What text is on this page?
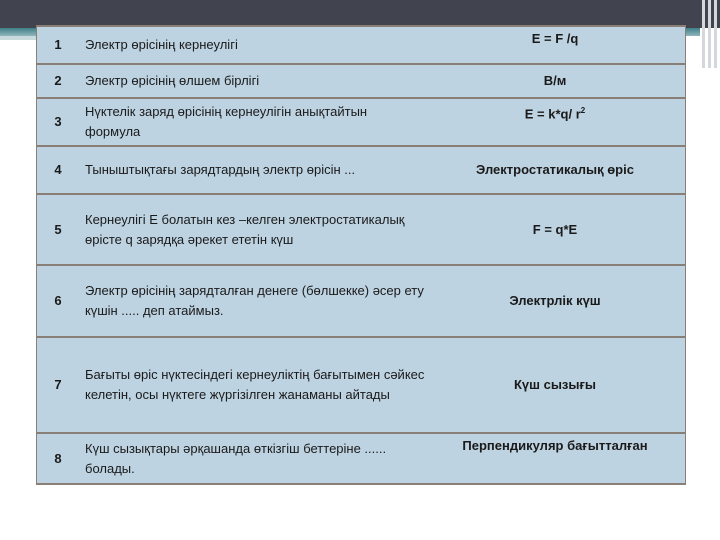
1	Электр өрісінің кернеулігі	E = F /q
2	Электр өрісінің өлшем бірлігі	В/м
3	Нүктелік заряд өрісінің кернеулігін анықтайтын формула	E = k*q/ $r^2$
4	Тыныштықтағы зарядтардың электр өрісін ...	Электростатикалық өріс
5	Кернеулігі Е болатын кез –келген электростатикалық өрісте q зарядқа әрекет ететін күш	F = q*E
6	Электр өрісінің зарядталған денеге (бөлшекке) әсер ету күшін ..... деп атаймыз.	Электрлік күш
7	Бағыты өріс нүктесіндегі кернеуліктің бағытымен сәйкес келетін, осы нүктеге жүргізілген жанаманы айтады	Күш сызығы
8	Күш сызықтары әрқашанда өткізгіш беттеріне ...... болады.	Перпендикуляр бағытталған
